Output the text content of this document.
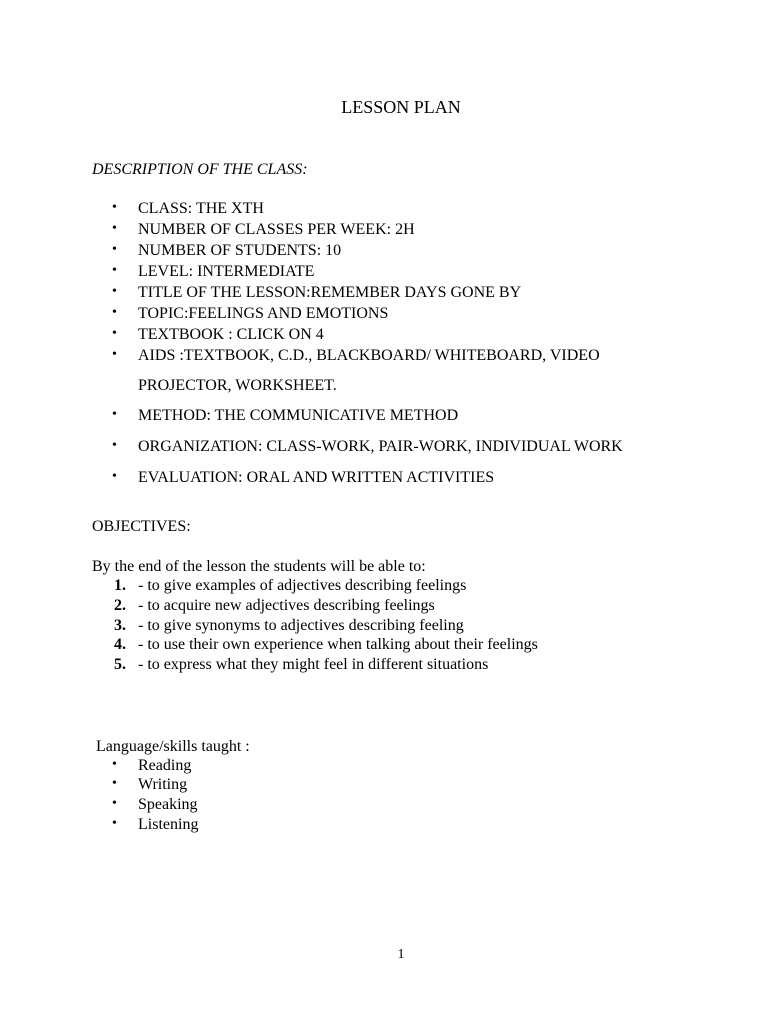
LESSON PLAN
DESCRIPTION OF THE CLASS:
• CLASS: THE XTH
• NUMBER OF CLASSES PER WEEK: 2H
• NUMBER OF STUDENTS: 10
• LEVEL: INTERMEDIATE
• TITLE OF THE LESSON:REMEMBER DAYS GONE BY
• TOPIC:FEELINGS AND EMOTIONS
• TEXTBOOK : CLICK ON 4
• AIDS :TEXTBOOK, C.D., BLACKBOARD/ WHITEBOARD, VIDEO
PROJECTOR, WORKSHEET.
• METHOD: THE COMMUNICATIVE METHOD
• ORGANIZATION: CLASS-WORK, PAIR-WORK, INDIVIDUAL WORK
• EVALUATION: ORAL AND WRITTEN ACTIVITIES
OBJECTIVES:
By the end of the lesson the students will be able to:
1. - to give examples of adjectives describing feelings
2. - to acquire new adjectives describing feelings
3. - to give synonyms to adjectives describing feeling
4. - to use their own experience when talking about their feelings
5. - to express what they might feel in different situations
Language/skills taught :
• Reading
• Writing
• Speaking
• Listening
1
